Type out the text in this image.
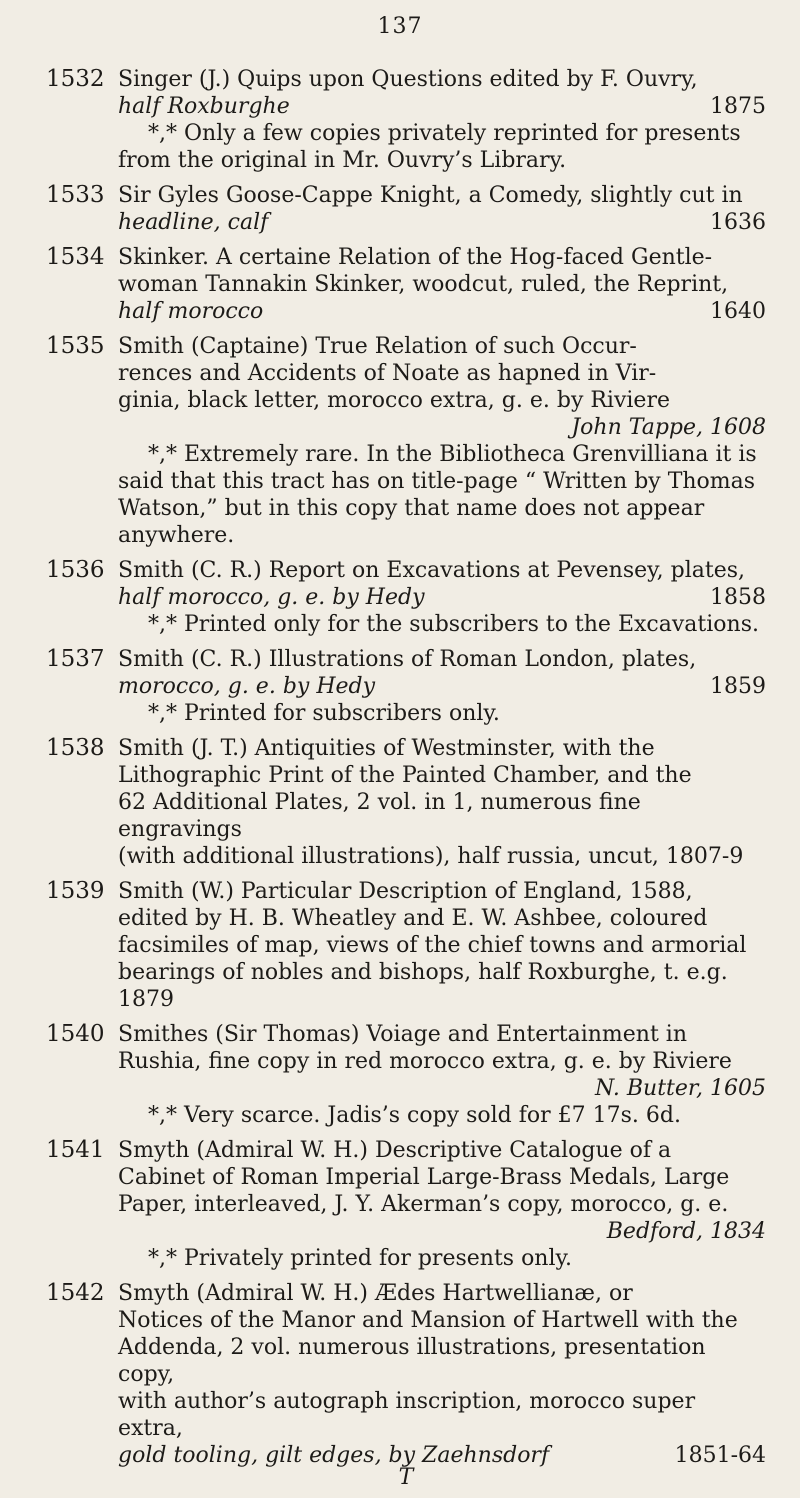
137
1532 Singer (J.) Quips upon Questions edited by F. Ouvry,
half Roxburghe	1875
*,* Only a few copies privately reprinted for presents from the original in Mr. Ouvry’s Library.
1533 Sir Gyles Goose-Cappe Knight, a Comedy, slightly cut in
headline, calf	1636
1534 Skinker. A certaine Relation of the Hog-faced Gentle-
woman Tannakin Skinker, woodcut, ruled, the Reprint,
half morocco	1640
1535 Smith (Captaine) True Relation of such Occur-
rences and Accidents of Noate as hapned in Vir-
ginia, black letter, morocco extra, g. e. by Riviere
John Tappe, 1608
*,* Extremely rare. In the Bibliotheca Grenvilliana it is said that this tract has on title-page “ Written by Thomas Watson,” but in this copy that name does not appear anywhere.
1536 Smith (C. R.) Report on Excavations at Pevensey, plates,
half morocco, g. e. by Hedy	1858
*,* Printed only for the subscribers to the Excavations.
1537 Smith (C. R.) Illustrations of Roman London, plates,
morocco, g. e. by Hedy	1859
*,* Printed for subscribers only.
1538 Smith (J. T.) Antiquities of Westminster, with the
Lithographic Print of the Painted Chamber, and the
62 Additional Plates, 2 vol. in 1, numerous fine engravings
(with additional illustrations), half russia, uncut, 1807-9
1539 Smith (W.) Particular Description of England, 1588,
edited by H. B. Wheatley and E. W. Ashbee, coloured
facsimiles of map, views of the chief towns and armorial
bearings of nobles and bishops, half Roxburghe, t. e.g. 1879
1540 Smithes (Sir Thomas) Voiage and Entertainment in
Rushia, fine copy in red morocco extra, g. e. by Riviere
N. Butter, 1605
*,* Very scarce. Jadis’s copy sold for £7 17s. 6d.
1541 Smyth (Admiral W. H.) Descriptive Catalogue of a
Cabinet of Roman Imperial Large-Brass Medals, Large
Paper, interleaved, J. Y. Akerman’s copy, morocco, g. e.
Bedford, 1834
*,* Privately printed for presents only.
1542 Smyth (Admiral W. H.) Ædes Hartwellianæ, or
Notices of the Manor and Mansion of Hartwell with the
Addenda, 2 vol. numerous illustrations, presentation copy,
with author’s autograph inscription, morocco super extra,
gold tooling, gilt edges, by Zaehnsdorf	1851-64
T
